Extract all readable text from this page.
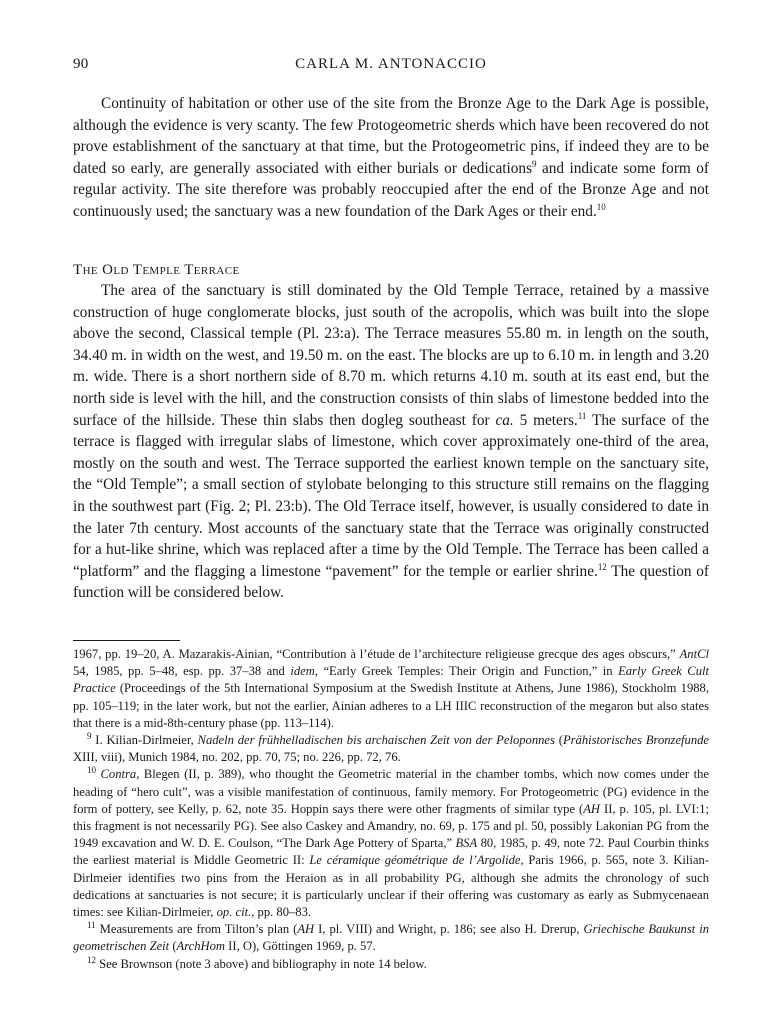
90	CARLA M. ANTONACCIO

Continuity of habitation or other use of the site from the Bronze Age to the Dark Age is possible, although the evidence is very scanty. The few Protogeometric sherds which have been recovered do not prove establishment of the sanctuary at that time, but the Protogeometric pins, if indeed they are to be dated so early, are generally associated with either burials or dedications$^9$ and indicate some form of regular activity. The site therefore was probably reoccupied after the end of the Bronze Age and not continuously used; the sanctuary was a new foundation of the Dark Ages or their end.$^{10}$

The Old Temple Terrace

The area of the sanctuary is still dominated by the Old Temple Terrace, retained by a massive construction of huge conglomerate blocks, just south of the acropolis, which was built into the slope above the second, Classical temple (Pl. 23:a). The Terrace measures 55.80 m. in length on the south, 34.40 m. in width on the west, and 19.50 m. on the east. The blocks are up to 6.10 m. in length and 3.20 m. wide. There is a short northern side of 8.70 m. which returns 4.10 m. south at its east end, but the north side is level with the hill, and the construction consists of thin slabs of limestone bedded into the surface of the hillside. These thin slabs then dogleg southeast for ca. 5 meters.$^{11}$ The surface of the terrace is flagged with irregular slabs of limestone, which cover approximately one-third of the area, mostly on the south and west. The Terrace supported the earliest known temple on the sanctuary site, the “Old Temple”; a small section of stylobate belonging to this structure still remains on the flagging in the southwest part (Fig. 2; Pl. 23:b). The Old Terrace itself, however, is usually considered to date in the later 7th century. Most accounts of the sanctuary state that the Terrace was originally constructed for a hut-like shrine, which was replaced after a time by the Old Temple. The Terrace has been called a “platform” and the flagging a limestone “pavement” for the temple or earlier shrine.$^{12}$ The question of function will be considered below.

1967, pp. 19–20, A. Mazarakis-Ainian, “Contribution à l’étude de l’architecture religieuse grecque des ages obscurs,” AntCl 54, 1985, pp. 5–48, esp. pp. 37–38 and idem, “Early Greek Temples: Their Origin and Function,” in Early Greek Cult Practice (Proceedings of the 5th International Symposium at the Swedish Institute at Athens, June 1986), Stockholm 1988, pp. 105–119; in the later work, but not the earlier, Ainian adheres to a LH IIIC reconstruction of the megaron but also states that there is a mid-8th-century phase (pp. 113–114).

$^9$ I. Kilian-Dirlmeier, Nadeln der frühhelladischen bis archaischen Zeit von der Peloponnes (Prähistorisches Bronzefunde XIII, viii), Munich 1984, no. 202, pp. 70, 75; no. 226, pp. 72, 76.

$^{10}$ Contra, Blegen (II, p. 389), who thought the Geometric material in the chamber tombs, which now comes under the heading of “hero cult”, was a visible manifestation of continuous, family memory. For Protogeometric (PG) evidence in the form of pottery, see Kelly, p. 62, note 35. Hoppin says there were other fragments of similar type (AH II, p. 105, pl. LVI:1; this fragment is not necessarily PG). See also Caskey and Amandry, no. 69, p. 175 and pl. 50, possibly Lakonian PG from the 1949 excavation and W. D. E. Coulson, “The Dark Age Pottery of Sparta,” BSA 80, 1985, p. 49, note 72. Paul Courbin thinks the earliest material is Middle Geometric II: Le céramique géométrique de l’Argolide, Paris 1966, p. 565, note 3. Kilian-Dirlmeier identifies two pins from the Heraion as in all probability PG, although she admits the chronology of such dedications at sanctuaries is not secure; it is particularly unclear if their offering was customary as early as Submycenaean times: see Kilian-Dirlmeier, op. cit., pp. 80–83.

$^{11}$ Measurements are from Tilton’s plan (AH I, pl. VIII) and Wright, p. 186; see also H. Drerup, Griechische Baukunst in geometrischen Zeit (ArchHom II, O), Göttingen 1969, p. 57.

$^{12}$ See Brownson (note 3 above) and bibliography in note 14 below.
